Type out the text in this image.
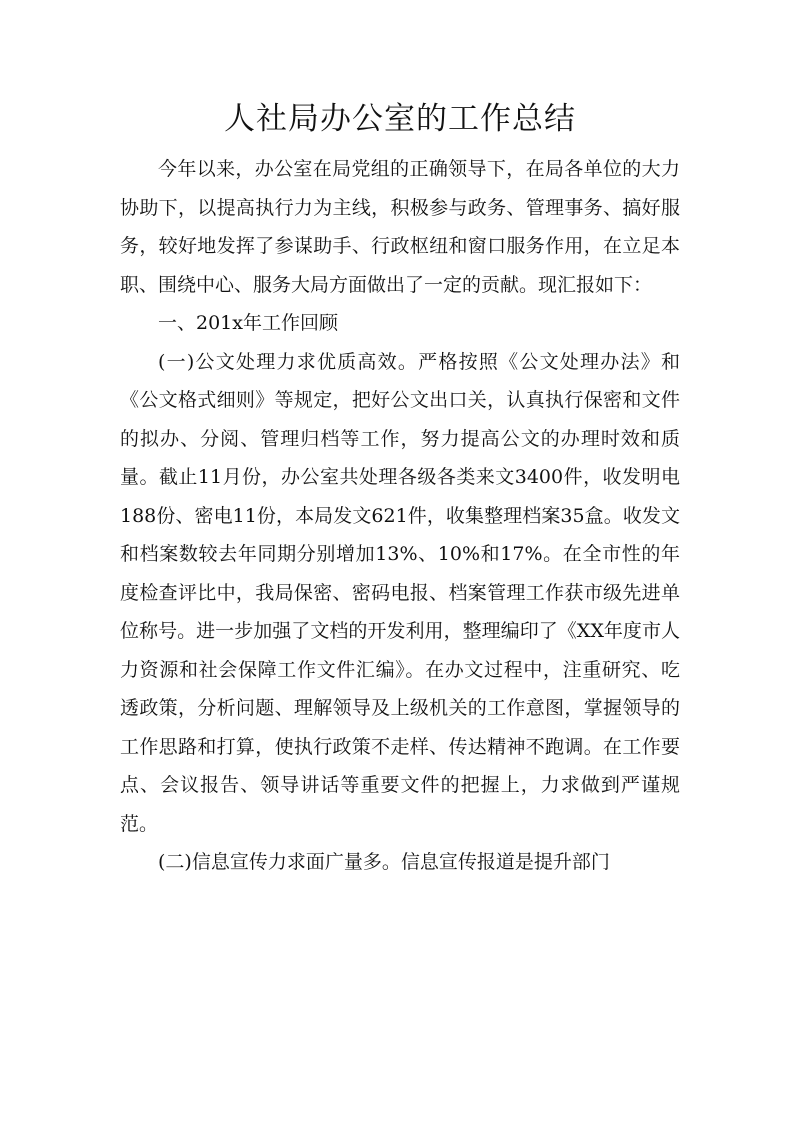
人社局办公室的工作总结

今年以来，办公室在局党组的正确领导下，在局各单位的大力协助下，以提高执行力为主线，积极参与政务、管理事务、搞好服务，较好地发挥了参谋助手、行政枢纽和窗口服务作用，在立足本职、围绕中心、服务大局方面做出了一定的贡献。现汇报如下：

一、201x年工作回顾

(一)公文处理力求优质高效。严格按照《公文处理办法》和《公文格式细则》等规定，把好公文出口关，认真执行保密和文件的拟办、分阅、管理归档等工作，努力提高公文的办理时效和质量。截止11月份，办公室共处理各级各类来文3400件，收发明电188份、密电11份，本局发文621件，收集整理档案35盒。收发文和档案数较去年同期分别增加13%、10%和17%。在全市性的年度检查评比中，我局保密、密码电报、档案管理工作获市级先进单位称号。进一步加强了文档的开发利用，整理编印了《XX年度市人力资源和社会保障工作文件汇编》。在办文过程中，注重研究、吃透政策，分析问题、理解领导及上级机关的工作意图，掌握领导的工作思路和打算，使执行政策不走样、传达精神不跑调。在工作要点、会议报告、领导讲话等重要文件的把握上，力求做到严谨规范。

(二)信息宣传力求面广量多。信息宣传报道是提升部门
